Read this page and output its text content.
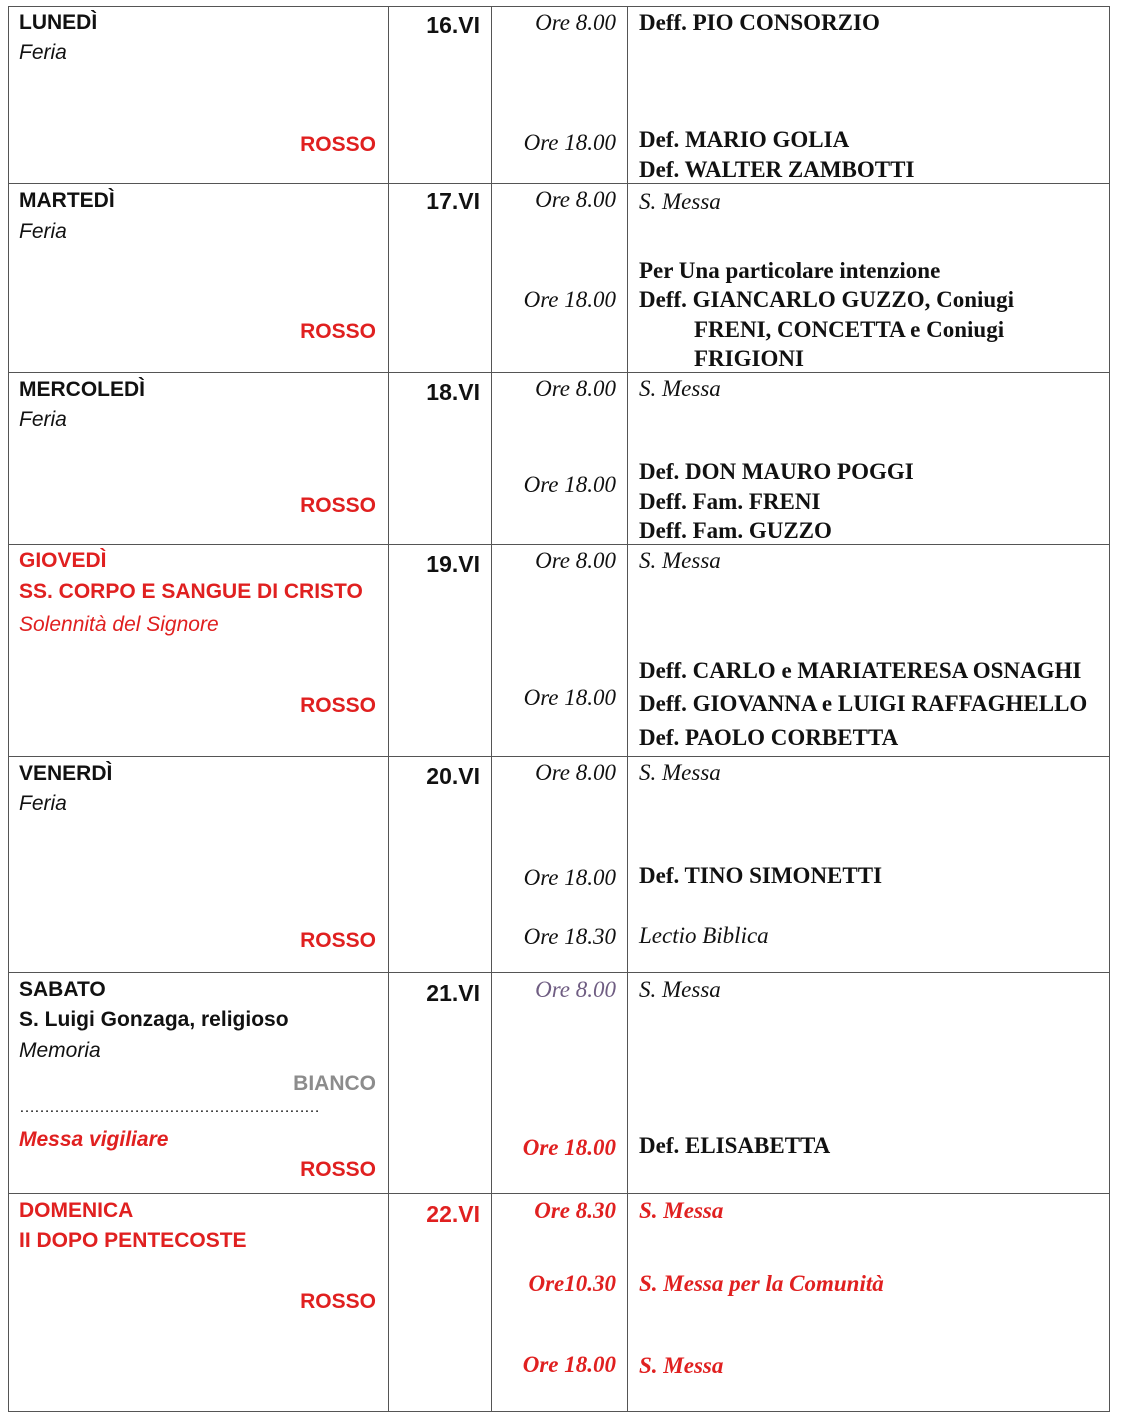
LUNEDÌ
Feria
ROSSO
16.VI Ore 8.00
Ore 18.00
Deff. PIO CONSORZIO
Def. MARIO GOLIA
Def. WALTER ZAMBOTTI
MARTEDÌ
Feria
ROSSO
17.VI Ore 8.00
Ore 18.00
S. Messa
Per Una particolare intenzione
Deff. GIANCARLO GUZZO, Coniugi
FRENI, CONCETTA e Coniugi
FRIGIONI
MERCOLEDÌ
Feria
ROSSO
18.VI Ore 8.00
Ore 18.00
S. Messa
Def. DON MAURO POGGI
Deff. Fam. FRENI
Deff. Fam. GUZZO
GIOVEDÌ
SS. CORPO E SANGUE DI CRISTO
Solennità del Signore
ROSSO
19.VI Ore 8.00
Ore 18.00
S. Messa
Deff. CARLO e MARIATERESA OSNAGHI
Deff. GIOVANNA e LUIGI RAFFAGHELLO
Def. PAOLO CORBETTA
VENERDÌ
Feria
ROSSO
20.VI Ore 8.00
Ore 18.00
Ore 18.30
S. Messa
Def. TINO SIMONETTI
Lectio Biblica
SABATO
S. Luigi Gonzaga, religioso
Memoria
BIANCO
……………………………………………………
Messa vigiliare
ROSSO
21.VI Ore 8.00
Ore 18.00
S. Messa
Def. ELISABETTA
DOMENICA
II DOPO PENTECOSTE
ROSSO
22.VI Ore 8.30
Ore10.30
Ore 18.00
S. Messa
S. Messa per la Comunità
S. Messa
